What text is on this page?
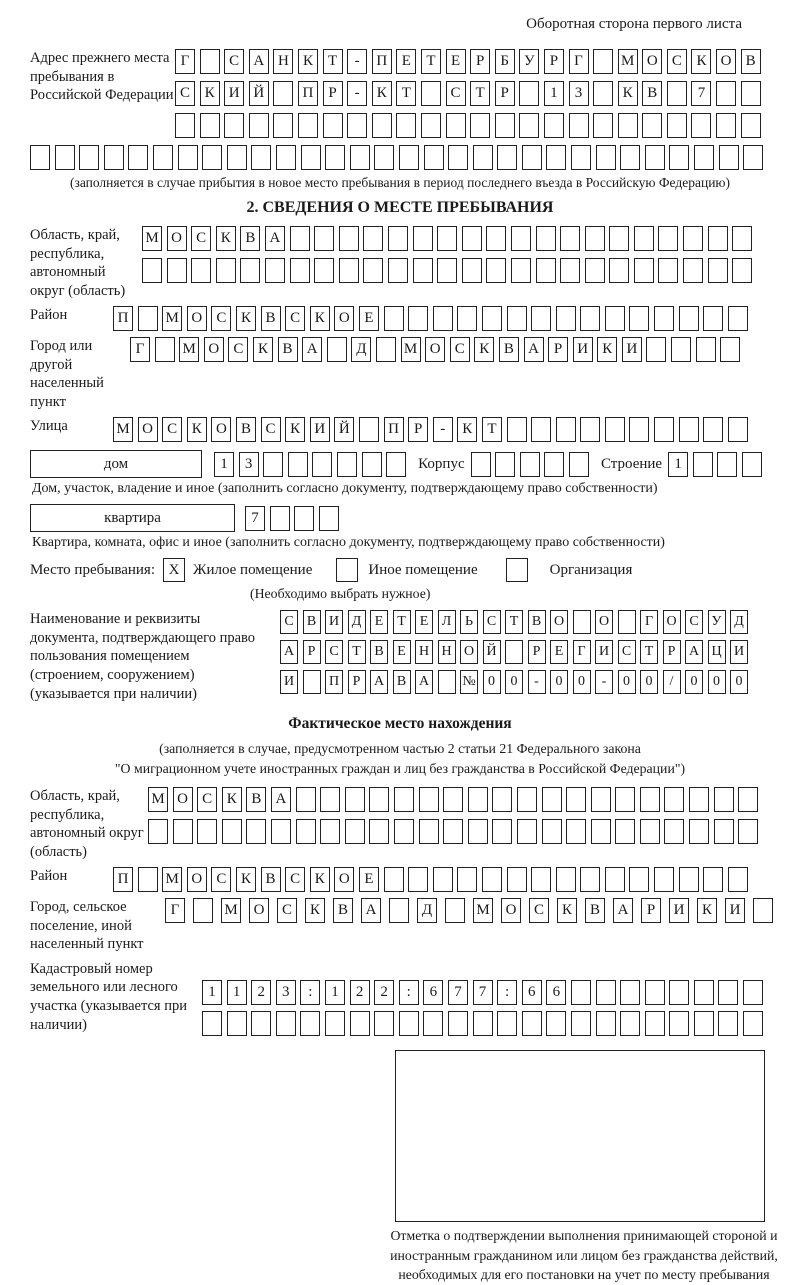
Оборотная сторона первого листа
Адрес прежнего места пребывания в Российской Федерации
Г	С А Н К	Т	-	П Е	Т	Е	Р	Б У	Р	Г	М О С К О В
С К И Й	П	Р	-	К	Т	С	Т	Р	1	3	К В	7
(заполняется в случае прибытия в новое место пребывания в период последнего въезда в Российскую Федерацию)
2. СВЕДЕНИЯ О МЕСТЕ ПРЕБЫВАНИЯ
Область, край, республика, автономный округ (область)
М О С К В А
Район	П	М О С К В С К О Е
Город или другой населенный пункт
Г	М О С К В А	Д	М О С К В А	Р	И К И
Улица	М О С К О В С К И Й	П	Р	-	К	Т
дом	1	3	Корпус	Строение 1
Дом, участок, владение и иное (заполнить согласно документу, подтверждающему право собственности)
квартира	7
Квартира, комната, офис и иное (заполнить согласно документу, подтверждающему право собственности)
Место пребывания: X Жилое помещение	Иное помещение	Организация
(Необходимо выбрать нужное)
Наименование и реквизиты документа, подтверждающего право пользования помещением (строением, сооружением) (указывается при наличии)
С В И Д Е Т Е Л Ь С Т В О О	Г О С У Д
А Р С Т В Е Н Н О Й	Р	Е	Г И С Т	Р А Ц И
И П Р А В А № 0	0	-	0	0	-	0	0	/	0	0	0
Фактическое место нахождения
(заполняется в случае, предусмотренном частью 2 статьи 21 Федерального закона
"О миграционном учете иностранных граждан и лиц без гражданства в Российской Федерации")
Область, край, республика, автономный округ (область)
М О С К В А
Район	П	М О С К В С К О Е
Город, сельское поселение, иной населенный пункт
Г	М	О	С	К	В	А	Д	М	О	С	К	В	А	Р	И	К	И
Кадастровый номер земельного или лесного участка (указывается при наличии)
1	1	2	3	:	1	2	2	:	6	7	7	:	6	6
Отметка о подтверждении выполнения принимающей стороной и иностранным гражданином или лицом без гражданства действий, необходимых для его постановки на учет по месту пребывания
